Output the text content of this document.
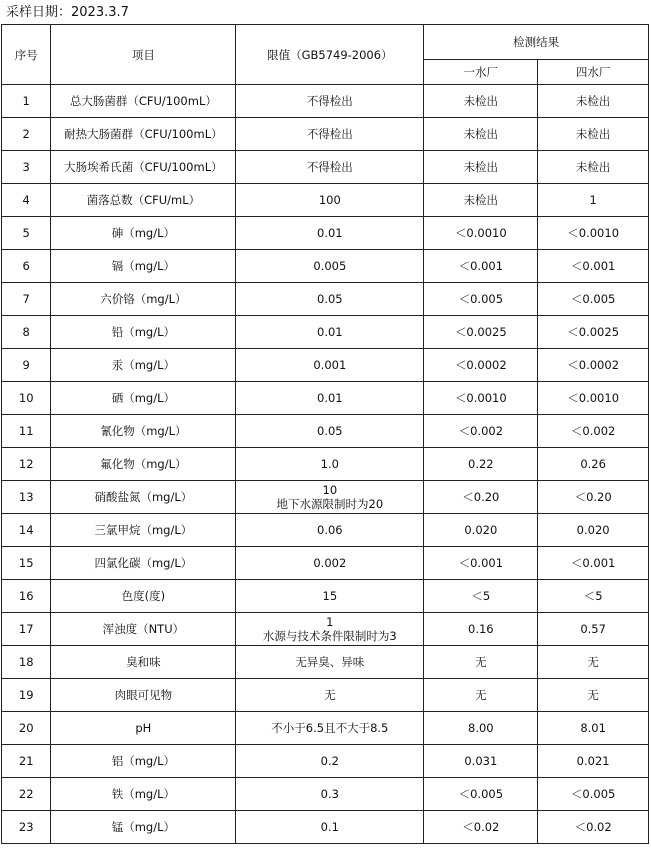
采样日期：2023.3.7
序号	项目	限值（GB5749-2006）	检测结果	
			一水厂	四水厂
1	总大肠菌群（CFU/100mL）	不得检出	未检出	未检出
2	耐热大肠菌群（CFU/100mL）	不得检出	未检出	未检出
3	大肠埃希氏菌（CFU/100mL）	不得检出	未检出	未检出
4	菌落总数（CFU/mL）	100	未检出	1
5	砷（mg/L）	0.01	＜0.0010	＜0.0010
6	镉（mg/L）	0.005	＜0.001	＜0.001
7	六价铬（mg/L）	0.05	＜0.005	＜0.005
8	铅（mg/L）	0.01	＜0.0025	＜0.0025
9	汞（mg/L）	0.001	＜0.0002	＜0.0002
10	硒（mg/L）	0.01	＜0.0010	＜0.0010
11	氰化物（mg/L）	0.05	＜0.002	＜0.002
12	氟化物（mg/L）	1.0	0.22	0.26
13	硝酸盐氮（mg/L）	10
地下水源限制时为20	＜0.20	＜0.20
14	三氯甲烷（mg/L）	0.06	0.020	0.020
15	四氯化碳（mg/L）	0.002	＜0.001	＜0.001
16	色度(度)	15	＜5	＜5
17	浑浊度（NTU）	1
水源与技术条件限制时为3	0.16	0.57
18	臭和味	无异臭、异味	无	无
19	肉眼可见物	无	无	无
20	pH	不小于6.5且不大于8.5	8.00	8.01
21	铝（mg/L）	0.2	0.031	0.021
22	铁（mg/L）	0.3	＜0.005	＜0.005
23	锰（mg/L）	0.1	＜0.02	＜0.02
